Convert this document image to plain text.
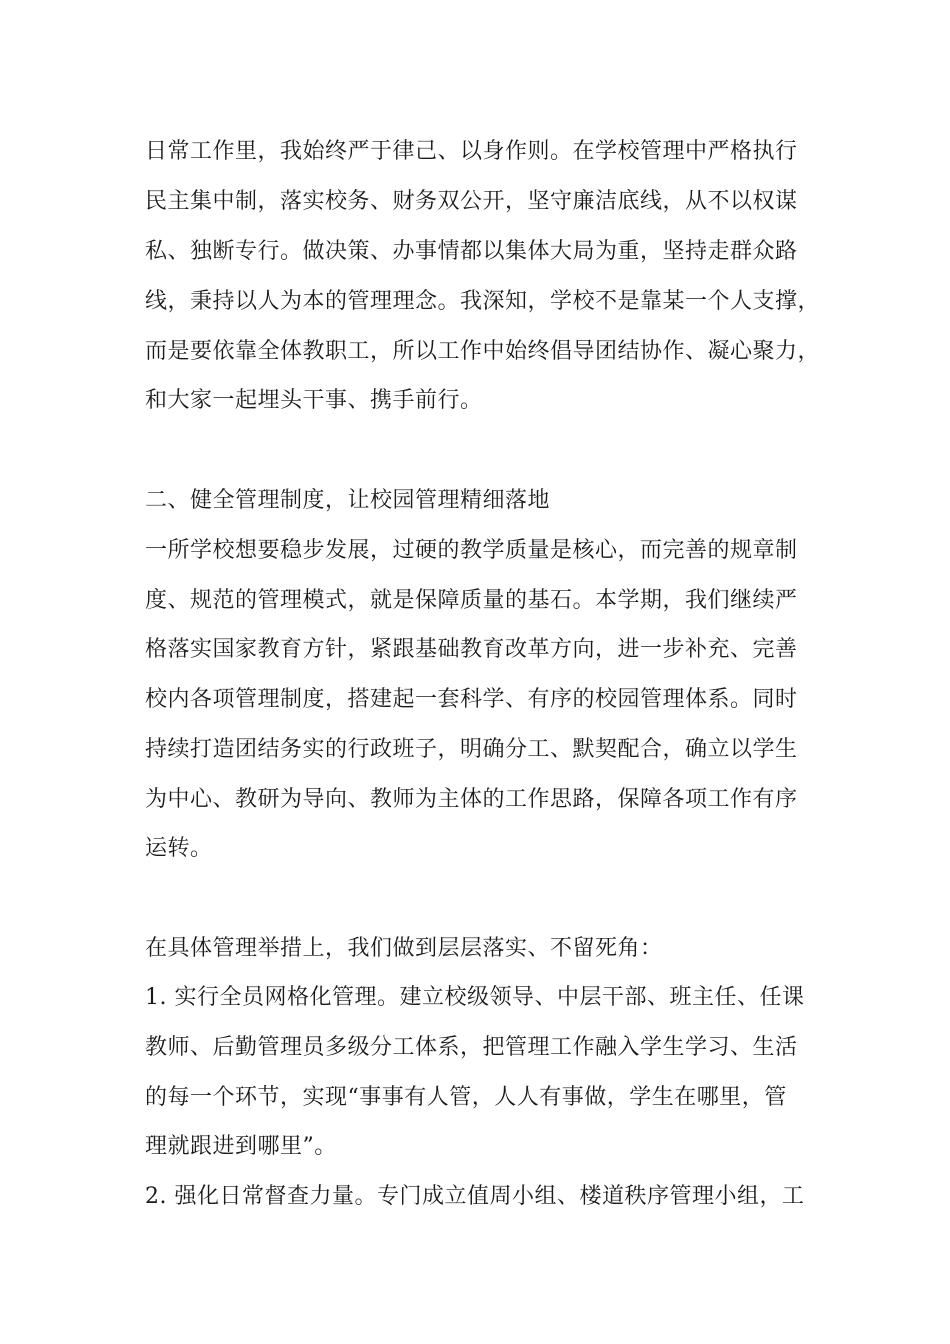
日常工作里，我始终严于律己、以身作则。在学校管理中严格执行
民主集中制，落实校务、财务双公开，坚守廉洁底线，从不以权谋
私、独断专行。做决策、办事情都以集体大局为重，坚持走群众路
线，秉持以人为本的管理理念。我深知，学校不是靠某一个人支撑，
而是要依靠全体教职工，所以工作中始终倡导团结协作、凝心聚力，
和大家一起埋头干事、携手前行。
二、健全管理制度，让校园管理精细落地
一所学校想要稳步发展，过硬的教学质量是核心，而完善的规章制
度、规范的管理模式，就是保障质量的基石。本学期，我们继续严
格落实国家教育方针，紧跟基础教育改革方向，进一步补充、完善
校内各项管理制度，搭建起一套科学、有序的校园管理体系。同时
持续打造团结务实的行政班子，明确分工、默契配合，确立以学生
为中心、教研为导向、教师为主体的工作思路，保障各项工作有序
运转。
在具体管理举措上，我们做到层层落实、不留死角：
1. 实行全员网格化管理。建立校级领导、中层干部、班主任、任课
教师、后勤管理员多级分工体系，把管理工作融入学生学习、生活
的每一个环节，实现“事事有人管，人人有事做，学生在哪里，管
理就跟进到哪里”。
2. 强化日常督查力量。专门成立值周小组、楼道秩序管理小组，工
